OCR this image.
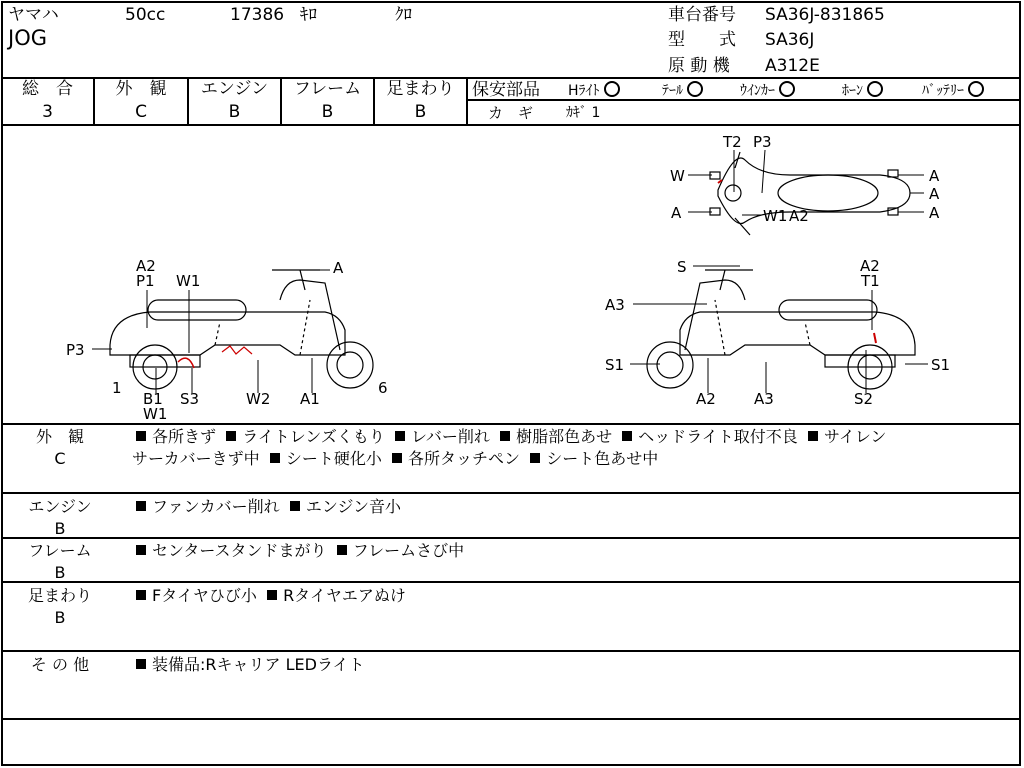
ヤマハ	50cc	17386 ｷﾛ	ｸﾛ
JOG
車台番号 SA36J-831865
型　　式 SA36J
原 動 機 A312E
総　合
3
外　観
C
エンジン
B
フレーム
B
足まわり
B
保安部品 Hﾗｲﾄ	ﾃｰﾙ	ｳｲﾝｶｰ	ﾎｰﾝ	ﾊﾞｯﾃﾘｰ
カ　ギ ｶｷﾞ 1
T2 P3
W
A
A
A
A
W1 A2
A2
P1 W1
A
P3
1
B1
W1
S3	W2 A1
6
S	A2
T1
A3
S1	S1
A2	A3	S2
外　観
C
各所きず ライトレンズくもり レバー削れ 樹脂部色あせ ヘッドライト取付不良 サイレン
サーカバーきず中 シート硬化小 各所タッチペン シート色あせ中
エンジン
B
ファンカバー削れ エンジン音小
フレーム
B
センタースタンドまがり フレームさび中
足まわり
B
Fタイヤひび小 Rタイヤエアぬけ
そ の 他	装備品:Rキャリア LEDライト
